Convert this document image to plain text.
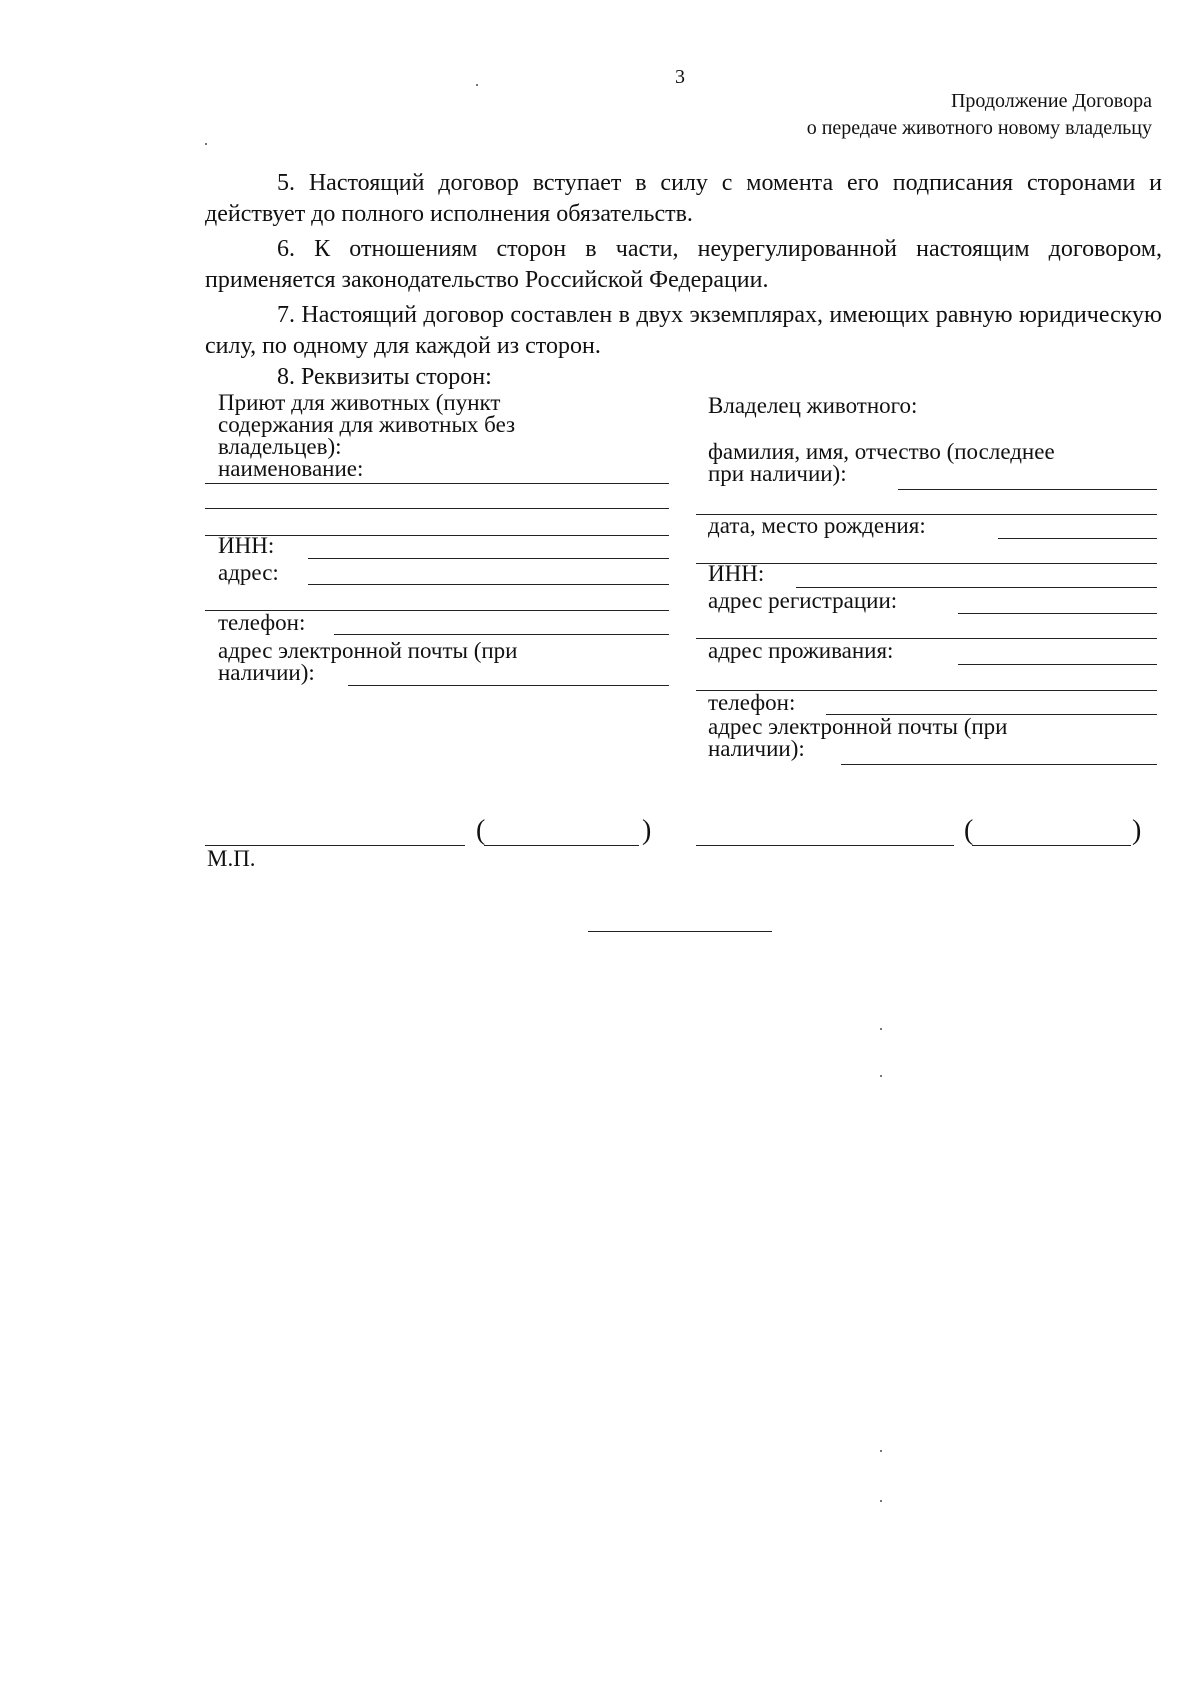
3
Продолжение Договора
о передаче животного новому владельцу

5. Настоящий договор вступает в силу с момента его подписания сторонами и действует до полного исполнения обязательств.

6. К отношениям сторон в части, неурегулированной настоящим договором, применяется законодательство Российской Федерации.

7. Настоящий договор составлен в двух экземплярах, имеющих равную юридическую силу, по одному для каждой из сторон.

8. Реквизиты сторон:

Приют для животных (пункт
содержания для животных без
владельцев):
наименование:
ИНН:
адрес:
телефон:
адрес электронной почты (при
наличии):
Владелец животного:
фамилия, имя, отчество (последнее
при наличии):
дата, место рождения:
ИНН:
адрес регистрации:
адрес проживания:
телефон:
адрес электронной почты (при
наличии):
(	)	(	)
М.П.
